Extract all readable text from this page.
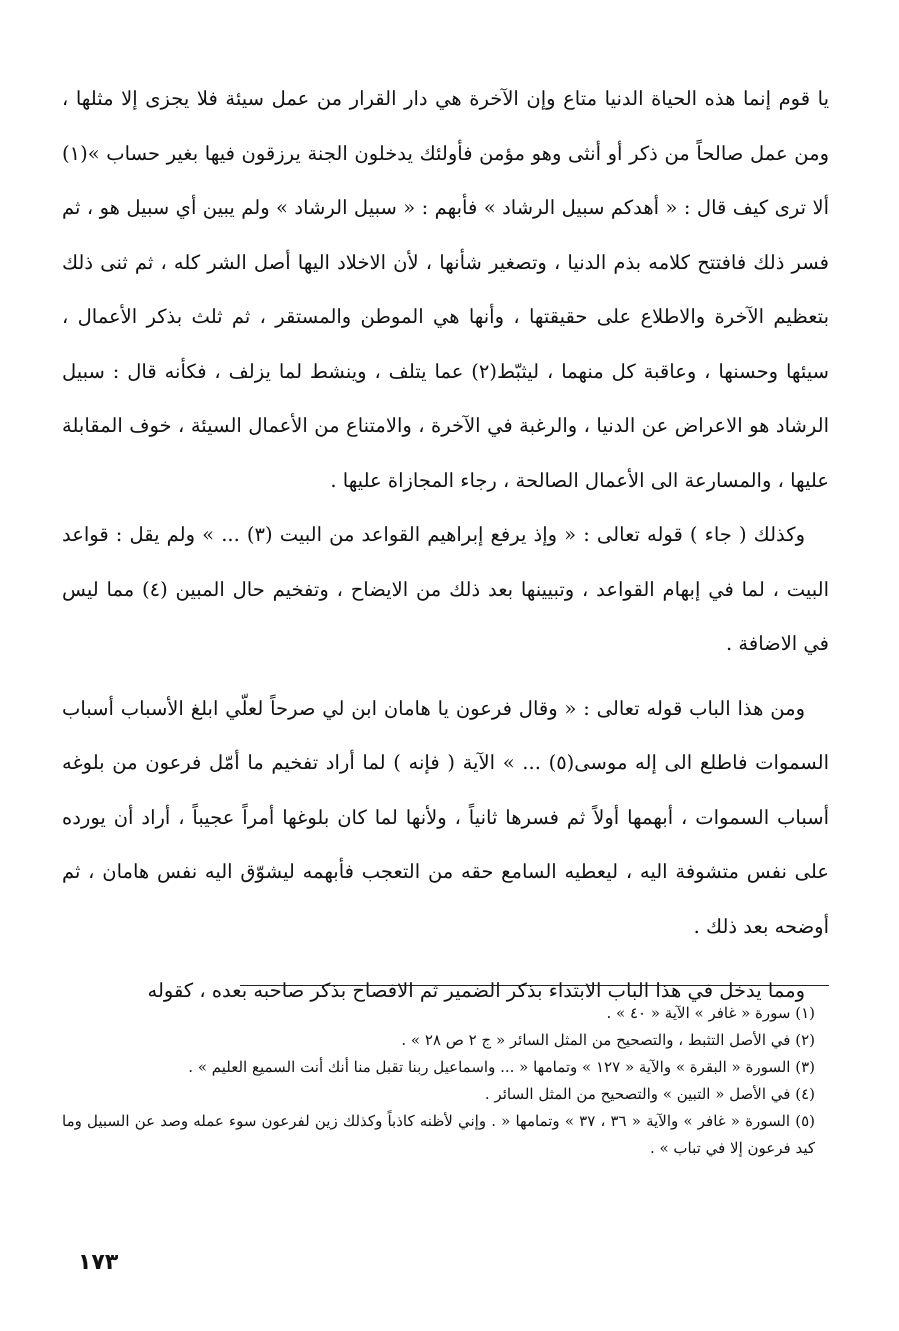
يا قوم إنما هذه الحياة الدنيا متاع وإن الآخرة هي دار القرار من عمل سيئة فلا يجزى إلا مثلها ، ومن عمل صالحاً من ذكر أو أنثى وهو مؤمن فأولئك يدخلون الجنة يرزقون فيها بغير حساب »(١) ألا ترى كيف قال : « أهدكم سبيل الرشاد » فأبهم : « سبيل الرشاد » ولم يبين أي سبيل هو ، ثم فسر ذلك فافتتح كلامه بذم الدنيا ، وتصغير شأنها ، لأن الاخلاد اليها أصل الشر كله ، ثم ثنى ذلك بتعظيم الآخرة والاطلاع على حقيقتها ، وأنها هي الموطن والمستقر ، ثم ثلث بذكر الأعمال ، سيئها وحسنها ، وعاقبة كل منهما ، ليثبّط(٢) عما يتلف ، وينشط لما يزلف ، فكأنه قال : سبيل الرشاد هو الاعراض عن الدنيا ، والرغبة في الآخرة ، والامتناع من الأعمال السيئة ، خوف المقابلة عليها ، والمسارعة الى الأعمال الصالحة ، رجاء المجازاة عليها .

وكذلك ( جاء ) قوله تعالى : « وإذ يرفع إبراهيم القواعد من البيت (٣) ... » ولم يقل : قواعد البيت ، لما في إبهام القواعد ، وتبيينها بعد ذلك من الايضاح ، وتفخيم حال المبين (٤) مما ليس في الاضافة .

ومن هذا الباب قوله تعالى : « وقال فرعون يا هامان ابن لي صرحاً لعلّي ابلغ الأسباب أسباب السموات فاطلع الى إله موسى(٥) ... » الآية ( فإنه ) لما أراد تفخيم ما أمّل فرعون من بلوغه أسباب السموات ، أبهمها أولاً ثم فسرها ثانياً ، ولأنها لما كان بلوغها أمراً عجيباً ، أراد أن يورده على نفس متشوفة اليه ، ليعطيه السامع حقه من التعجب فأبهمه ليشوّق اليه نفس هامان ، ثم أوضحه بعد ذلك .

ومما يدخل في هذا الباب الابتداء بذكر الضمير ثم الافصاح بذكر صاحبه بعده ، كقوله

(١) سورة « غافر » الآية « ٤٠ » .

(٢) في الأصل التثبط ، والتصحيح من المثل السائر « ج ٢ ص ٢٨ » .

(٣) السورة « البقرة » والآية « ١٢٧ » وتمامها « ... واسماعيل ربنا تقبل منا أنك أنت السميع العليم » .

(٤) في الأصل « التبين » والتصحيح من المثل السائر .

(٥) السورة « غافر » والآية « ٣٦ ، ٣٧ » وتمامها « . وإني لأظنه كاذباً وكذلك زين لفرعون سوء عمله وصد عن السبيل وما كيد فرعون إلا في تباب » .

١٧٣
